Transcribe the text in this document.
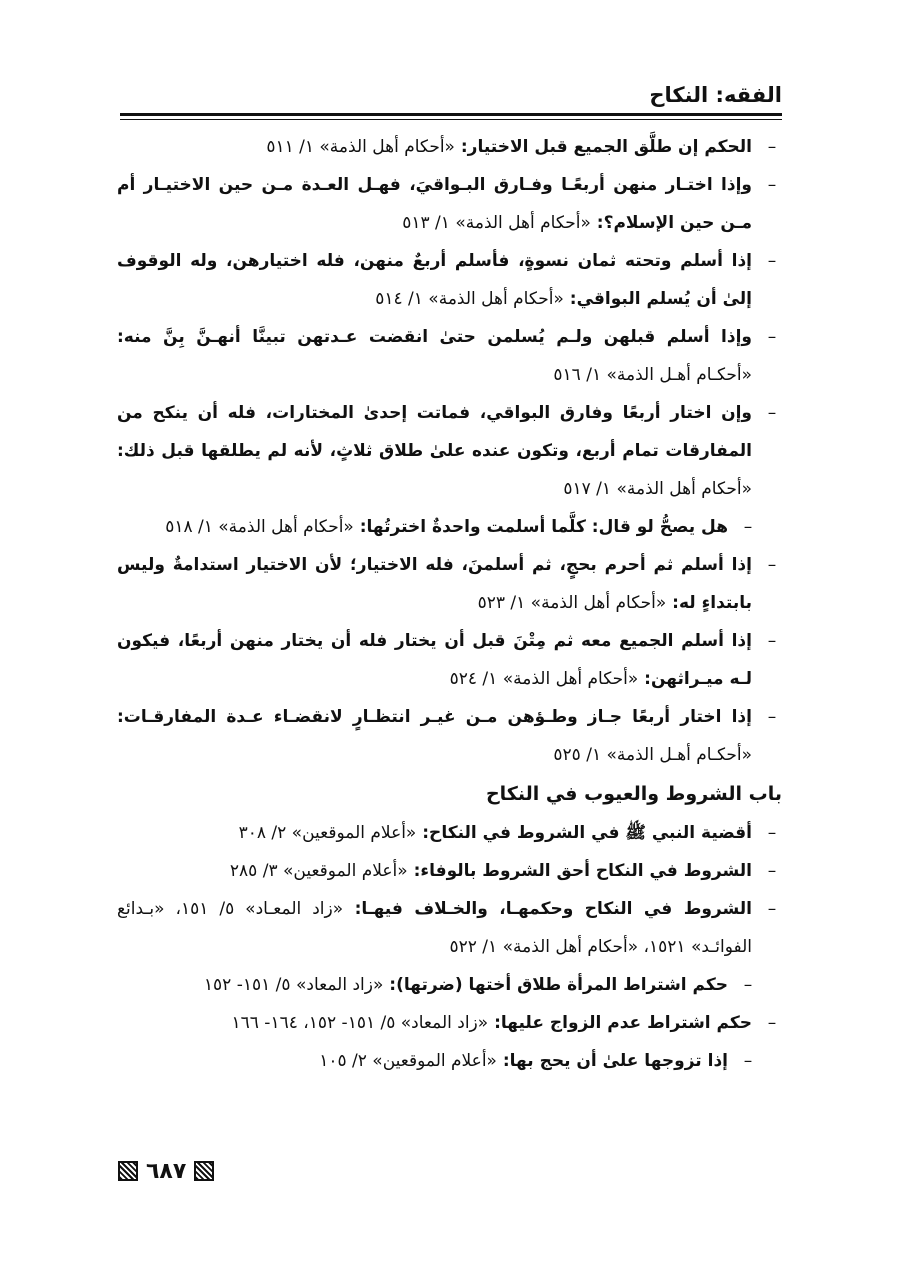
الفقه: النكاح
–
الحكم إن طلَّق الجميع قبل الاختيار: «أحكام أهل الذمة» ١/ ٥١١
–
وإذا اختـار منهن أربعًـا وفـارق البـواقيَ، فهـل العـدة مـن حين الاختيـار أم مـن حين الإسلام؟: «أحكام أهل الذمة» ١/ ٥١٣
–
إذا أسلم وتحته ثمان نسوةٍ، فأسلم أربعٌ منهن، فله اختيارهن، وله الوقوف إلىٰ أن يُسلم البواقي: «أحكام أهل الذمة» ١/ ٥١٤
–
وإذا أسلم قبلهن ولـم يُسلمن حتىٰ انقضت عـدتهن تبينَّا أنهـنَّ بِنَّ منه: «أحكـام أهـل الذمة» ١/ ٥١٦
–
وإن اختار أربعًا وفارق البواقي، فماتت إحدىٰ المختارات، فله أن ينكح من المفارقات تمام أربع، وتكون عنده علىٰ طلاق ثلاثٍ، لأنه لم يطلقها قبل ذلك: «أحكام أهل الذمة» ١/ ٥١٧
–
هل يصحُّ لو قال: كلَّما أسلمت واحدةٌ اخترتُها: «أحكام أهل الذمة» ١/ ٥١٨
–
إذا أسلم ثم أحرم بحجٍ، ثم أسلمنَ، فله الاختيار؛ لأن الاختيار استدامةٌ وليس بابتداءٍ له: «أحكام أهل الذمة» ١/ ٥٢٣
–
إذا أسلم الجميع معه ثم مِتْنَ قبل أن يختار فله أن يختار منهن أربعًا، فيكون لـه ميـراثهن: «أحكام أهل الذمة» ١/ ٥٢٤
–
إذا اختار أربعًا جـاز وطـؤهن مـن غيـر انتظـارٍ لانقضـاء عـدة المفارقـات: «أحكـام أهـل الذمة» ١/ ٥٢٥
باب الشروط والعيوب في النكاح
–
أقضية النبي ﷺ في الشروط في النكاح: «أعلام الموقعين» ٢/ ٣٠٨
–
الشروط في النكاح أحق الشروط بالوفاء: «أعلام الموقعين» ٣/ ٢٨٥
–
الشروط في النكاح وحكمهـا، والخـلاف فيهـا: «زاد المعـاد» ٥/ ١٥١، «بـدائع الفوائـد» ١٥٢١، «أحكام أهل الذمة» ١/ ٥٢٢
–
حكم اشتراط المرأة طلاق أختها (ضرتها): «زاد المعاد» ٥/ ١٥١- ١٥٢
–
حكم اشتراط عدم الزواج عليها: «زاد المعاد» ٥/ ١٥١- ١٥٢، ١٦٤- ١٦٦
–
إذا تزوجها علىٰ أن يحج بها: «أعلام الموقعين» ٢/ ١٠٥
٦٨٧
